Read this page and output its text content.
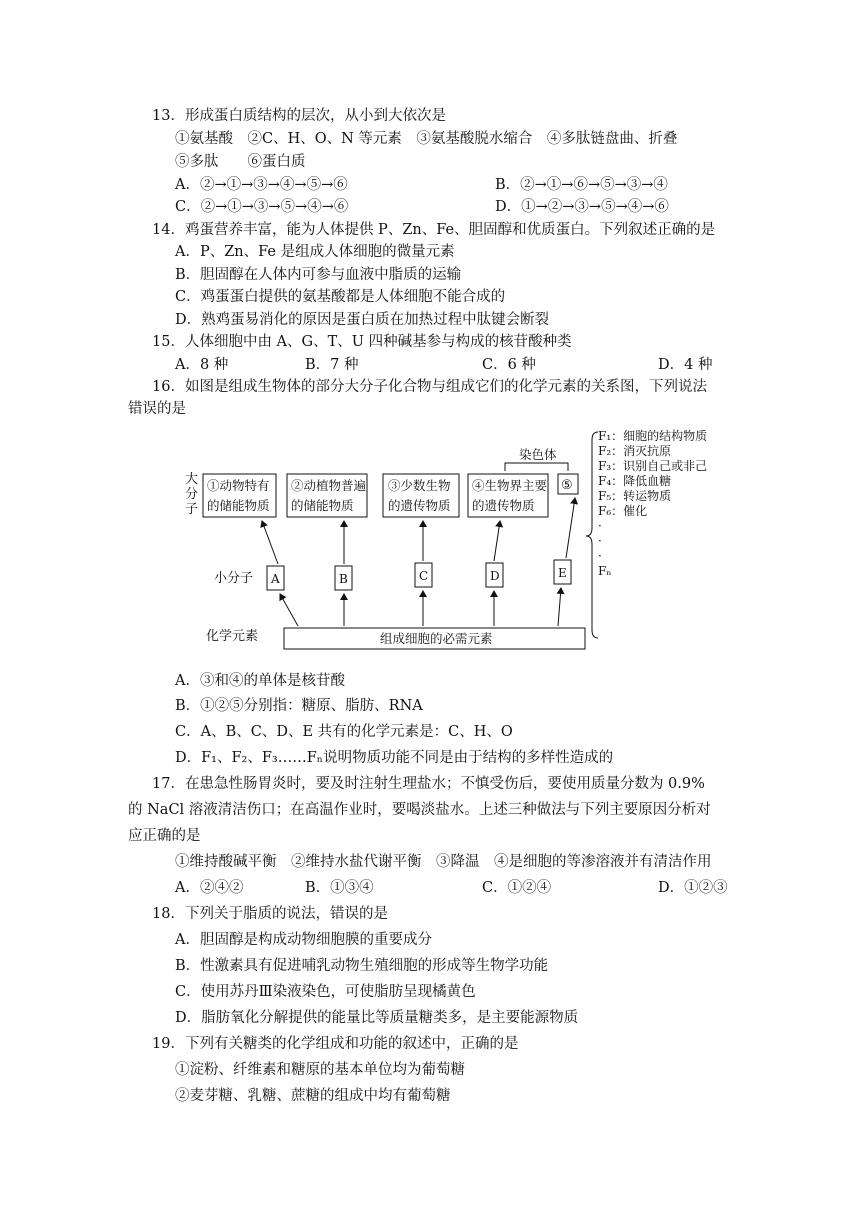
13．形成蛋白质结构的层次，从小到大依次是
①氨基酸　②C、H、O、N 等元素　③氨基酸脱水缩合　④多肽链盘曲、折叠
⑤多肽　　⑥蛋白质
A．②→①→③→④→⑤→⑥	B．②→①→⑥→⑤→③→④
C．②→①→③→⑤→④→⑥	D．①→②→③→⑤→④→⑥
14．鸡蛋营养丰富，能为人体提供 P、Zn、Fe、胆固醇和优质蛋白。下列叙述正确的是
A．P、Zn、Fe 是组成人体细胞的微量元素
B．胆固醇在人体内可参与血液中脂质的运输
C．鸡蛋蛋白提供的氨基酸都是人体细胞不能合成的
D．熟鸡蛋易消化的原因是蛋白质在加热过程中肽键会断裂
15．人体细胞中由 A、G、T、U 四种碱基参与构成的核苷酸种类
A．8 种	B．7 种	C．6 种	D．4 种
16．如图是组成生物体的部分大分子化合物与组成它们的化学元素的关系图，下列说法
错误的是
大
分
子
小分子
化学元素
①动物特有
的储能物质
②动植物普遍
的储能物质
③少数生物
的遗传物质
④生物界主要
的遗传物质
⑤
染色体
A	B	C	D	E
组成细胞的必需元素
F₁：细胞的结构物质
F₂：消灭抗原
F₃：识别自己或非己
F₄：降低血糖
F₅：转运物质
F₆：催化
·
·
·
Fₙ
A．③和④的单体是核苷酸
B．①②⑤分别指：糖原、脂肪、RNA
C．A、B、C、D、E 共有的化学元素是：C、H、O
D．F₁、F₂、F₃……Fₙ说明物质功能不同是由于结构的多样性造成的
17．在患急性肠胃炎时，要及时注射生理盐水；不慎受伤后，要使用质量分数为 0.9%
的 NaCl 溶液清洁伤口；在高温作业时，要喝淡盐水。上述三种做法与下列主要原因分析对
应正确的是
①维持酸碱平衡　②维持水盐代谢平衡　③降温　④是细胞的等渗溶液并有清洁作用
A．②④②	B．①③④	C．①②④	D．①②③
18．下列关于脂质的说法，错误的是
A．胆固醇是构成动物细胞膜的重要成分
B．性激素具有促进哺乳动物生殖细胞的形成等生物学功能
C．使用苏丹Ⅲ染液染色，可使脂肪呈现橘黄色
D．脂肪氧化分解提供的能量比等质量糖类多，是主要能源物质
19．下列有关糖类的化学组成和功能的叙述中，正确的是
①淀粉、纤维素和糖原的基本单位均为葡萄糖
②麦芽糖、乳糖、蔗糖的组成中均有葡萄糖
